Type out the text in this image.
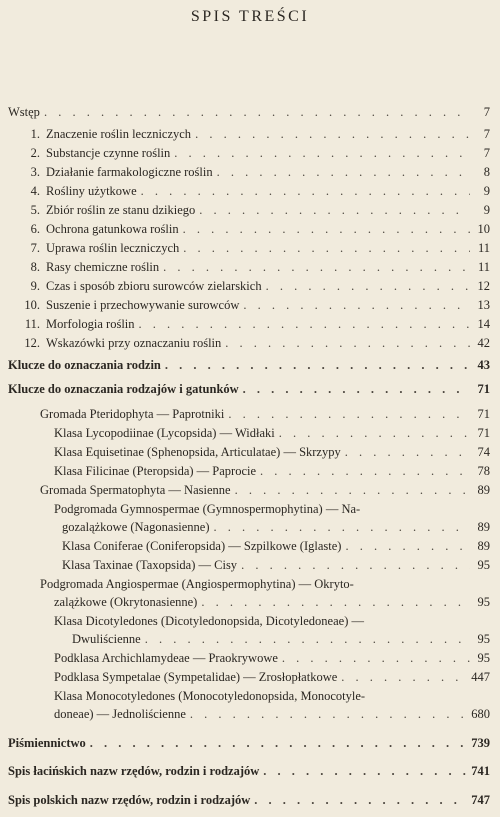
SPIS TREŚCI
Wstęp . . .	7
1. Znaczenie roślin leczniczych . . .	7
2. Substancje czynne roślin . . .	7
3. Działanie farmakologiczne roślin . . .	8
4. Rośliny użytkowe . . .	9
5. Zbiór roślin ze stanu dzikiego . . .	9
6. Ochrona gatunkowa roślin . . .	10
7. Uprawa roślin leczniczych . . .	11
8. Rasy chemiczne roślin . . .	11
9. Czas i sposób zbioru surowców zielarskich . . .	12
10. Suszenie i przechowywanie surowców . . .	13
11. Morfologia roślin . . .	14
12. Wskazówki przy oznaczaniu roślin . . .	42
Klucze do oznaczania rodzin . . .	43
Klucze do oznaczania rodzajów i gatunków . . .	71
Gromada Pteridophyta — Paprotniki . . .	71
Klasa Lycopodiinae (Lycopsida) — Widłaki . . .	71
Klasa Equisetinae (Sphenopsida, Articulatae) — Skrzypy . . .	74
Klasa Filicinae (Pteropsida) — Paprocie . . .	78
Gromada Spermatophyta — Nasienne . . .	89
Podgromada Gymnospermae (Gymnospermophytina) — Na-
gozalążkowe (Nagonasienne) . . .	89
Klasa Coniferae (Coniferopsida) — Szpilkowe (Iglaste) . . .	89
Klasa Taxinae (Taxopsida) — Cisy . . .	95
Podgromada Angiospermae (Angiospermophytina) — Okryto-
zalążkowe (Okrytonasienne) . . .	95
Klasa Dicotyledones (Dicotyledonopsida, Dicotyledoneae) —
Dwuliścienne . . .	95
Podklasa Archichlamydeae — Praokrywowe . . .	95
Podklasa Sympetalae (Sympetalidae) — Zrosłopłatkowe . . .	447
Klasa Monocotyledones (Monocotyledonopsida, Monocotyle-
doneae) — Jednoliścienne . . .	680
Piśmiennictwo . . .	739
Spis łacińskich nazw rzędów, rodzin i rodzajów . . .	741
Spis polskich nazw rzędów, rodzin i rodzajów . . .	747
